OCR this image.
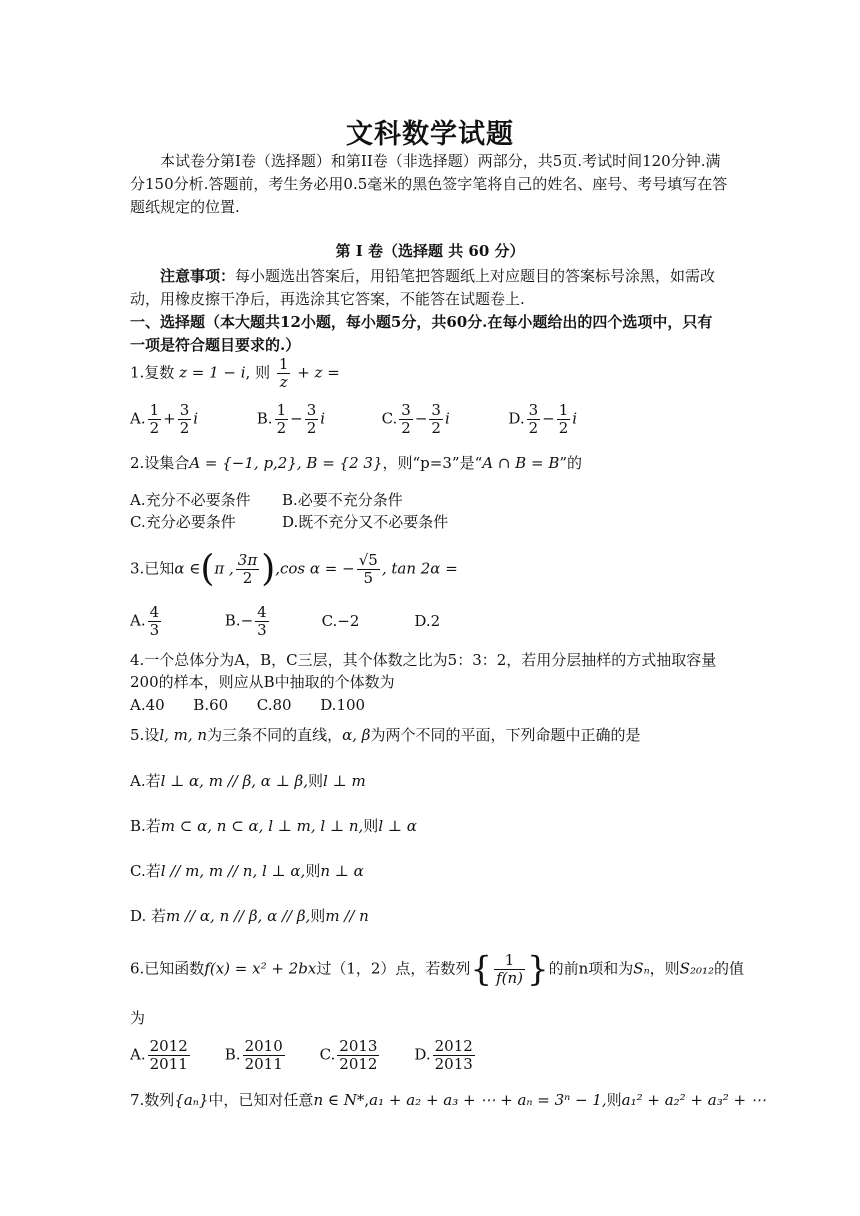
文科数学试题
本试卷分第I卷（选择题）和第II卷（非选择题）两部分，共5页.考试时间120分钟.满分150分析.答题前，考生务必用0.5毫米的黑色签字笔将自己的姓名、座号、考号填写在答题纸规定的位置.
第 I 卷（选择题 共 60 分）
注意事项：每小题选出答案后，用铅笔把答题纸上对应题目的答案标号涂黑，如需改动，用橡皮擦干净后，再选涂其它答案，不能答在试题卷上.
一、选择题（本大题共12小题，每小题5分，共60分.在每小题给出的四个选项中，只有
一项是符合题目要求的.）
1.复数 z = 1 − i, 则 $\frac{1}{z} + z$ =
A. $\frac{1}{2} + \frac{3}{2}$ i	B. $\frac{1}{2} - \frac{3}{2}$ i	C. $\frac{3}{2} - \frac{3}{2}$ i	D. $\frac{3}{2} - \frac{1}{2}$ i
2.设集合A = {−1, p,2}, B = {2 3}，则“p=3”是“A ∩ B = B”的
A.充分不必要条件 B.必要不充分条件
C.充分必要条件	D.既不充分又不必要条件
3.已知α ∈(π , $\frac{3\pi}{2} ),\cos$ α = − $\frac{√5}{5}$ , tan 2α =
A. $\frac{4}{3}$	$B.- \frac{4}{3}$	C.−2	D.2
4.一个总体分为A，B，C三层，其个体数之比为5：3：2，若用分层抽样的方式抽取容量
200的样本，则应从B中抽取的个体数为
A.40      B.60      C.80      D.100
5.设l, m, n为三条不同的直线，α, β为两个不同的平面，下列命题中正确的是
A.若l ⊥ α, m // β, α ⊥ β,则l ⊥ m
B.若m ⊂ α, n ⊂ α, l ⊥ m, l ⊥ n,则l ⊥ α
C.若l // m, m // n, l ⊥ α,则n ⊥ α
D. 若m // α, n // β, α // β,则m // n
6.已知函数f(x) = x² + 2bx过（1，2）点，若数列{ $\frac{1}{f(n)}$ }的前n项和为Sₙ，则S₂₀₁₂的值
为
A. $\frac{2012}{2011} B$. $\frac{2010}{2011} C$. $\frac{2013}{2012} D$. $\frac{2012}{2013}$
7.数列{aₙ}中，已知对任意n ∈ N*,a₁ + a₂ + a₃ + ⋯ + aₙ = 3ⁿ − 1,则a₁² + a₂² + a₃² + ⋯
